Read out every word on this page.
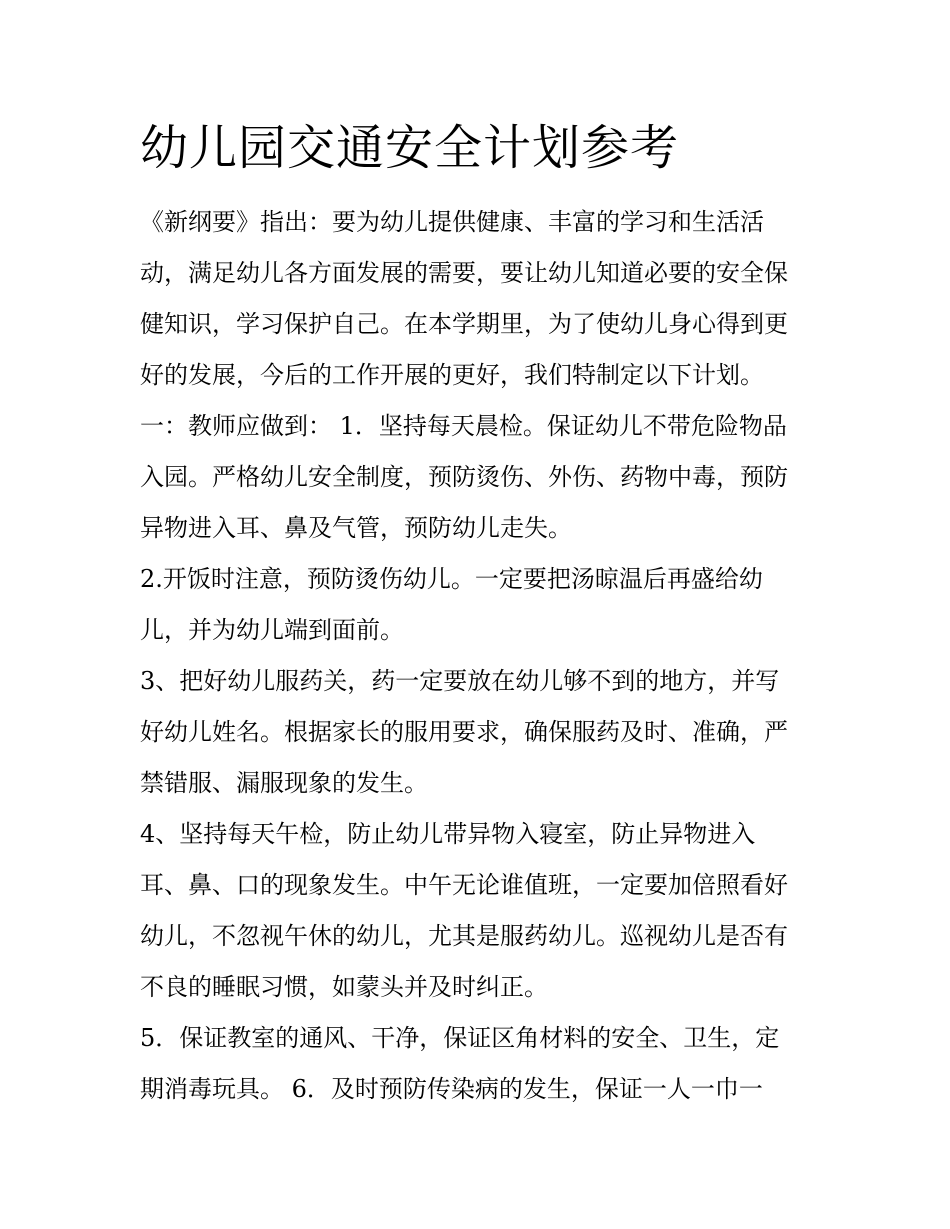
幼儿园交通安全计划参考
《新纲要》指出：要为幼儿提供健康、丰富的学习和生活活
动，满足幼儿各方面发展的需要，要让幼儿知道必要的安全保
健知识，学习保护自己。在本学期里，为了使幼儿身心得到更
好的发展，今后的工作开展的更好，我们特制定以下计划。
一：教师应做到： 1．坚持每天晨检。保证幼儿不带危险物品
入园。严格幼儿安全制度，预防烫伤、外伤、药物中毒，预防
异物进入耳、鼻及气管，预防幼儿走失。
2.开饭时注意，预防烫伤幼儿。一定要把汤晾温后再盛给幼
儿，并为幼儿端到面前。
3、把好幼儿服药关，药一定要放在幼儿够不到的地方，并写
好幼儿姓名。根据家长的服用要求，确保服药及时、准确，严
禁错服、漏服现象的发生。
4、坚持每天午检，防止幼儿带异物入寝室，防止异物进入
耳、鼻、口的现象发生。中午无论谁值班，一定要加倍照看好
幼儿，不忽视午休的幼儿，尤其是服药幼儿。巡视幼儿是否有
不良的睡眠习惯，如蒙头并及时纠正。
5．保证教室的通风、干净，保证区角材料的安全、卫生，定
期消毒玩具。 6．及时预防传染病的发生，保证一人一巾一
